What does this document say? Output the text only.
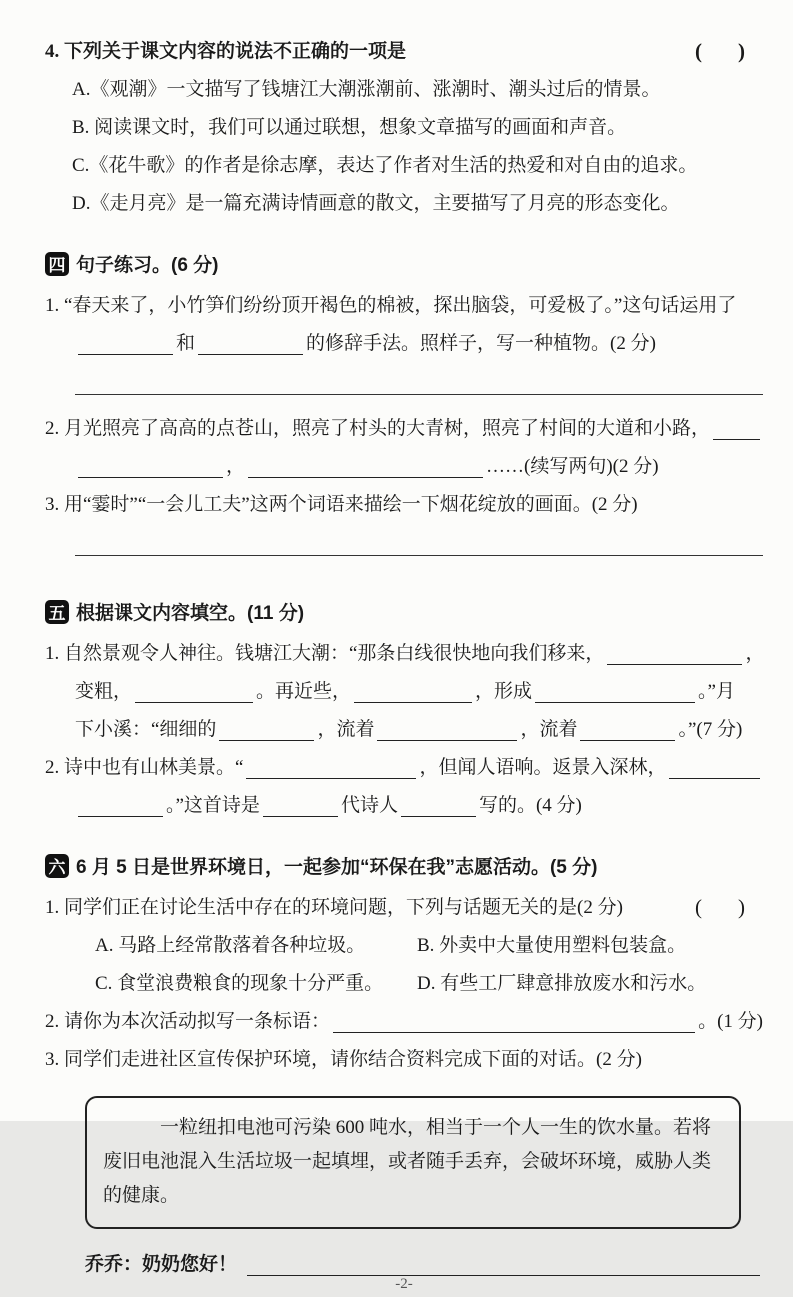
4. 下列关于课文内容的说法不正确的一项是	( )
A.《观潮》一文描写了钱塘江大潮涨潮前、涨潮时、潮头过后的情景。
B. 阅读课文时，我们可以通过联想，想象文章描写的画面和声音。
C.《花牛歌》的作者是徐志摩，表达了作者对生活的热爱和对自由的追求。
D.《走月亮》是一篇充满诗情画意的散文，主要描写了月亮的形态变化。
四 句子练习。(6 分)
1. “春天来了，小竹笋们纷纷顶开褐色的棉被，探出脑袋，可爱极了。”这句话运用了
和	的修辞手法。照样子，写一种植物。(2 分)
2. 月光照亮了高高的点苍山，照亮了村头的大青树，照亮了村间的大道和小路，
，	……(续写两句)(2 分)
3. 用“霎时”“一会儿工夫”这两个词语来描绘一下烟花绽放的画面。(2 分)
五 根据课文内容填空。(11 分)
1. 自然景观令人神往。钱塘江大潮：“那条白线很快地向我们移来，	，
变粗，	。再近些，	，形成	。”月
下小溪：“细细的	，流着	，流着	。”(7 分)
2. 诗中也有山林美景。“	，但闻人语响。返景入深林，
。”这首诗是	代诗人	写的。(4 分)
六 6 月 5 日是世界环境日，一起参加“环保在我”志愿活动。(5 分)
1. 同学们正在讨论生活中存在的环境问题，下列与话题无关的是(2 分)	( )
A. 马路上经常散落着各种垃圾。	B. 外卖中大量使用塑料包装盒。
C. 食堂浪费粮食的现象十分严重。	D. 有些工厂肆意排放废水和污水。
2. 请你为本次活动拟写一条标语：	。(1 分)
3. 同学们走进社区宣传保护环境，请你结合资料完成下面的对话。(2 分)
一粒纽扣电池可污染 600 吨水，相当于一个人一生的饮水量。若将废旧电池混入生活垃圾一起填埋，或者随手丢弃，会破坏环境，威胁人类的健康。
乔乔：奶奶您好！
-2-
